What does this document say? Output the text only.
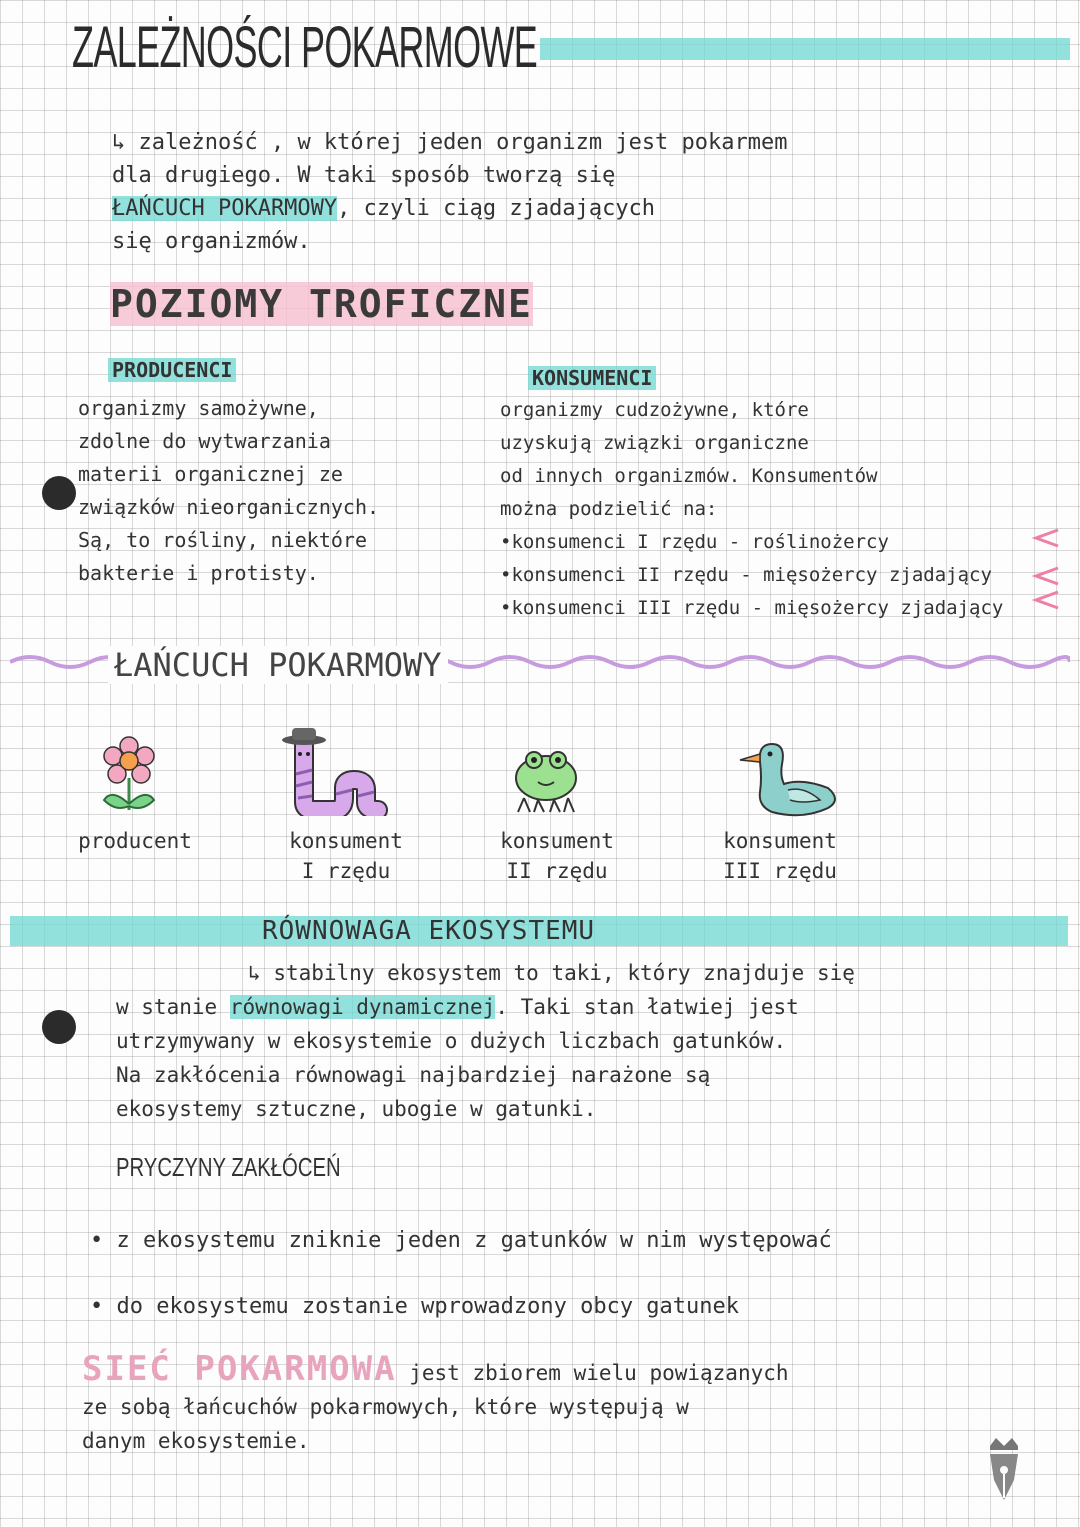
ZALEŻNOŚCI POKARMOWE
↳ zależność , w której jeden organizm jest pokarmem
dla drugiego. W taki sposób tworzą się
ŁAŃCUCH POKARMOWY, czyli ciąg zjadających
się organizmów.
POZIOMY TROFICZNE
PRODUCENCI
organizmy samożywne,
zdolne do wytwarzania
materii organicznej ze
związków nieorganicznych.
Są, to rośliny, niektóre
bakterie i protisty.
KONSUMENCI
organizmy cudzożywne, które
uzyskują związki organiczne
od innych organizmów. Konsumentów
można podzielić na:
•konsumenci I rzędu - roślinożercy
•konsumenci II rzędu - mięsożercy zjadający
•konsumenci III rzędu - mięsożercy zjadający
ŁAŃCUCH POKARMOWY
producent	konsument
I rzędu
konsument
II rzędu
konsument
III rzędu
RÓWNOWAGA EKOSYSTEMU
↳ stabilny ekosystem to taki, który znajduje się
w stanie równowagi dynamicznej. Taki stan łatwiej jest
utrzymywany w ekosystemie o dużych liczbach gatunków.
Na zakłócenia równowagi najbardziej narażone są
ekosystemy sztuczne, ubogie w gatunki.
PRYCZYNY ZAKŁÓCEŃ
• z ekosystemu zniknie jeden z gatunków w nim występować
• do ekosystemu zostanie wprowadzony obcy gatunek
SIEĆ POKARMOWA jest zbiorem wielu powiązanych
ze sobą łańcuchów pokarmowych, które występują w
danym ekosystemie.
